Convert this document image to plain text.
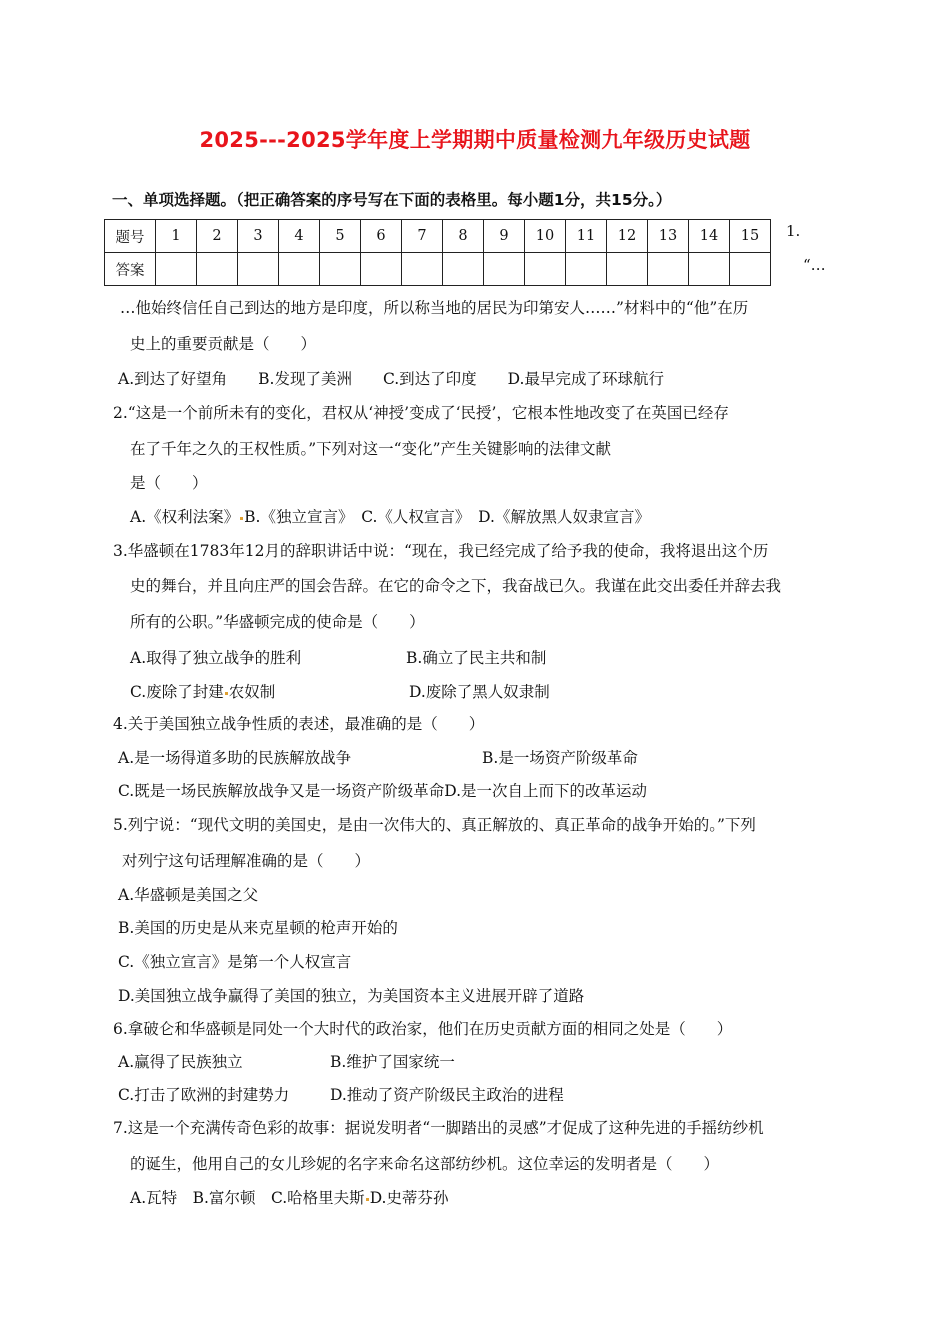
2025---2025学年度上学期期中质量检测九年级历史试题
一、单项选择题。（把正确答案的序号写在下面的表格里。每小题1分，共15分。）
题号	1	2	3	4	5	6	7	8	9	10	11	12	13	14	15
答案															
1.
“…
…他始终信任自己到达的地方是印度，所以称当地的居民为印第安人……”材料中的“他”在历
史上的重要贡献是（　　）
A.到达了好望角　　B.发现了美洲　　C.到达了印度　　D.最早完成了环球航行
2.“这是一个前所未有的变化，君权从‘神授’变成了‘民授’，它根本性地改变了在英国已经存
在了千年之久的王权性质。”下列对这一“变化”产生关键影响的法律文献
是（　　）
A.《权利法案》 B.《独立宣言》　C.《人权宣言》　D.《解放黑人奴隶宣言》
3.华盛顿在1783年12月的辞职讲话中说：“现在，我已经完成了给予我的使命，我将退出这个历
史的舞台，并且向庄严的国会告辞。在它的命令之下，我奋战已久。我谨在此交出委任并辞去我
所有的公职。”华盛顿完成的使命是（　　）
A.取得了独立战争的胜利	B.确立了民主共和制
C.废除了封建 农奴制	D.废除了黑人奴隶制
4.关于美国独立战争性质的表述，最准确的是（　　）
A.是一场得道多助的民族解放战争	B.是一场资产阶级革命
C.既是一场民族解放战争又是一场资产阶级革命D.是一次自上而下的改革运动
5.列宁说：“现代文明的美国史，是由一次伟大的、真正解放的、真正革命的战争开始的。”下列
对列宁这句话理解准确的是（　　）
A.华盛顿是美国之父
B.美国的历史是从来克星顿的枪声开始的
C.《独立宣言》是第一个人权宣言
D.美国独立战争赢得了美国的独立，为美国资本主义进展开辟了道路
6.拿破仑和华盛顿是同处一个大时代的政治家，他们在历史贡献方面的相同之处是（　　）
A.赢得了民族独立	B.维护了国家统一
C.打击了欧洲的封建势力	D.推动了资产阶级民主政治的进程
7.这是一个充满传奇色彩的故事：据说发明者“一脚踏出的灵感”才促成了这种先进的手摇纺纱机
的诞生，他用自己的女儿珍妮的名字来命名这部纺纱机。这位幸运的发明者是（　　）
A.瓦特　B.富尔顿　C.哈格里夫斯 D.史蒂芬孙
